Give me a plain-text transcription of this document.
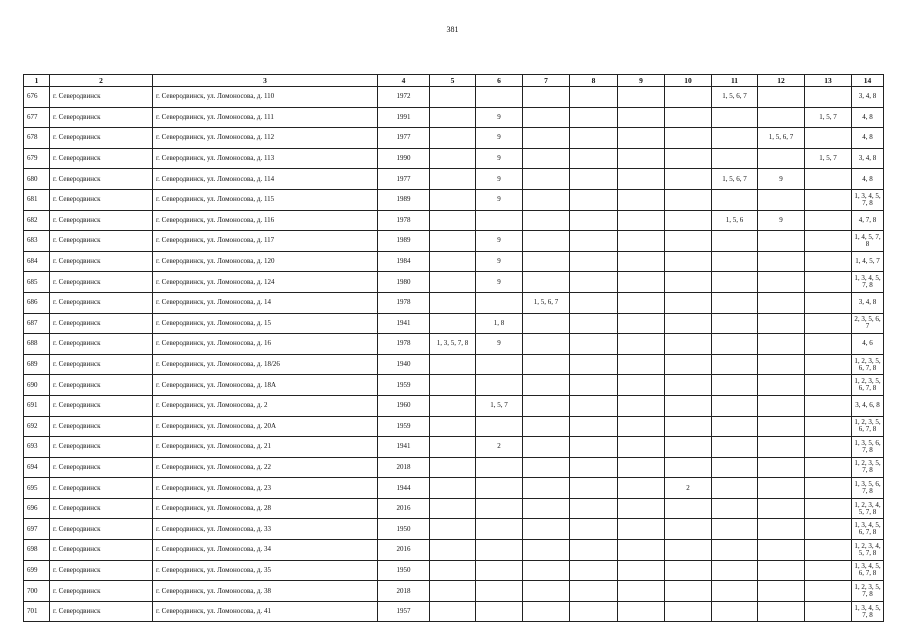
381
1	2	3	4	5	6	7	8	9	10	11	12	13	14
676	г. Северодвинск	г. Северодвинск, ул. Ломоносова, д. 110	1972							1, 5, 6, 7			3, 4, 8
677	г. Северодвинск	г. Северодвинск, ул. Ломоносова, д. 111	1991		9							1, 5, 7	4, 8
678	г. Северодвинск	г. Северодвинск, ул. Ломоносова, д. 112	1977		9						1, 5, 6, 7		4, 8
679	г. Северодвинск	г. Северодвинск, ул. Ломоносова, д. 113	1990		9							1, 5, 7	3, 4, 8
680	г. Северодвинск	г. Северодвинск, ул. Ломоносова, д. 114	1977		9					1, 5, 6, 7	9		4, 8
681	г. Северодвинск	г. Северодвинск, ул. Ломоносова, д. 115	1989		9								1, 3, 4, 5, 7, 8
682	г. Северодвинск	г. Северодвинск, ул. Ломоносова, д. 116	1978							1, 5, 6	9		4, 7, 8
683	г. Северодвинск	г. Северодвинск, ул. Ломоносова, д. 117	1989		9								1, 4, 5, 7, 8
684	г. Северодвинск	г. Северодвинск, ул. Ломоносова, д. 120	1984		9								1, 4, 5, 7
685	г. Северодвинск	г. Северодвинск, ул. Ломоносова, д. 124	1980		9								1, 3, 4, 5, 7, 8
686	г. Северодвинск	г. Северодвинск, ул. Ломоносова, д. 14	1978			1, 5, 6, 7							3, 4, 8
687	г. Северодвинск	г. Северодвинск, ул. Ломоносова, д. 15	1941		1, 8								2, 3, 5, 6, 7
688	г. Северодвинск	г. Северодвинск, ул. Ломоносова, д. 16	1978	1, 3, 5, 7, 8	9								4, 6
689	г. Северодвинск	г. Северодвинск, ул. Ломоносова, д. 18/26	1940										1, 2, 3, 5, 6, 7, 8
690	г. Северодвинск	г. Северодвинск, ул. Ломоносова, д. 18А	1959										1, 2, 3, 5, 6, 7, 8
691	г. Северодвинск	г. Северодвинск, ул. Ломоносова, д. 2	1960		1, 5, 7								3, 4, 6, 8
692	г. Северодвинск	г. Северодвинск, ул. Ломоносова, д. 20А	1959										1, 2, 3, 5, 6, 7, 8
693	г. Северодвинск	г. Северодвинск, ул. Ломоносова, д. 21	1941		2								1, 3, 5, 6, 7, 8
694	г. Северодвинск	г. Северодвинск, ул. Ломоносова, д. 22	2018										1, 2, 3, 5, 7, 8
695	г. Северодвинск	г. Северодвинск, ул. Ломоносова, д. 23	1944						2				1, 3, 5, 6, 7, 8
696	г. Северодвинск	г. Северодвинск, ул. Ломоносова, д. 28	2016										1, 2, 3, 4, 5, 7, 8
697	г. Северодвинск	г. Северодвинск, ул. Ломоносова, д. 33	1950										1, 3, 4, 5, 6, 7, 8
698	г. Северодвинск	г. Северодвинск, ул. Ломоносова, д. 34	2016										1, 2, 3, 4, 5, 7, 8
699	г. Северодвинск	г. Северодвинск, ул. Ломоносова, д. 35	1950										1, 3, 4, 5, 6, 7, 8
700	г. Северодвинск	г. Северодвинск, ул. Ломоносова, д. 38	2018										1, 2, 3, 5, 7, 8
701	г. Северодвинск	г. Северодвинск, ул. Ломоносова, д. 41	1957										1, 3, 4, 5, 7, 8
